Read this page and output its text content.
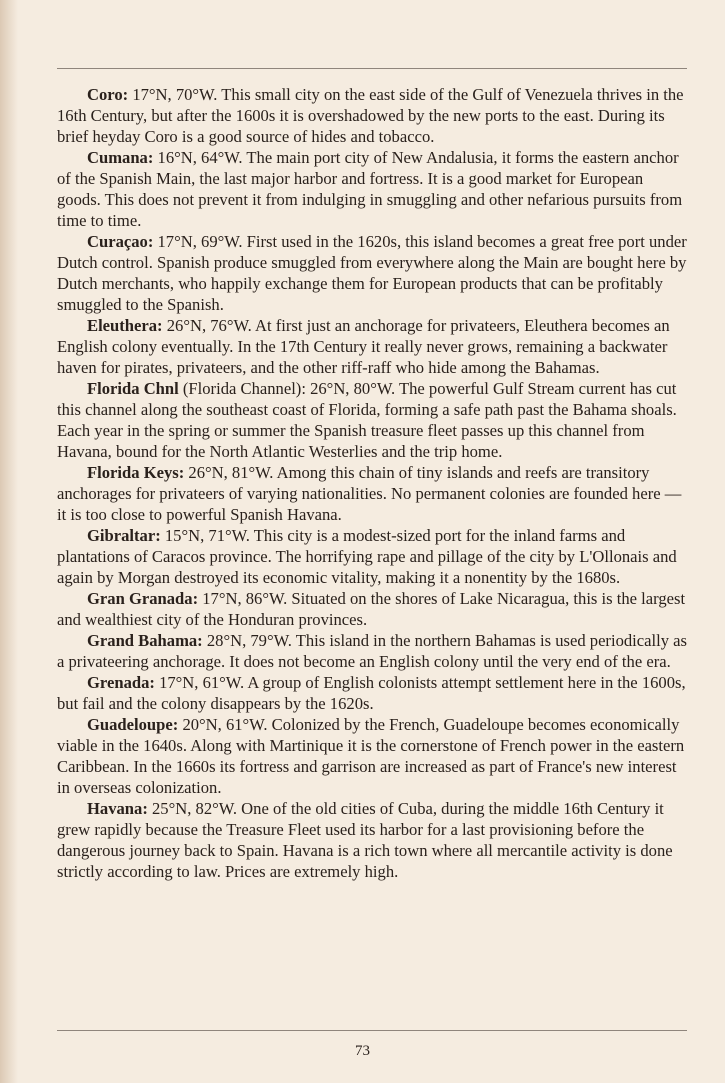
Coro: 17°N, 70°W. This small city on the east side of the Gulf of Venezuela thrives in the 16th Century, but after the 1600s it is overshadowed by the new ports to the east. During its brief heyday Coro is a good source of hides and tobacco.

Cumana: 16°N, 64°W. The main port city of New Andalusia, it forms the eastern anchor of the Spanish Main, the last major harbor and fortress. It is a good market for European goods. This does not prevent it from indulging in smuggling and other nefarious pursuits from time to time.

Curaçao: 17°N, 69°W. First used in the 1620s, this island becomes a great free port under Dutch control. Spanish produce smuggled from everywhere along the Main are bought here by Dutch merchants, who happily exchange them for European products that can be profitably smuggled to the Spanish.

Eleuthera: 26°N, 76°W. At first just an anchorage for privateers, Eleuthera becomes an English colony eventually. In the 17th Century it really never grows, remaining a backwater haven for pirates, privateers, and the other riff-raff who hide among the Bahamas.

Florida Chnl (Florida Channel): 26°N, 80°W. The powerful Gulf Stream current has cut this channel along the southeast coast of Florida, forming a safe path past the Bahama shoals. Each year in the spring or summer the Spanish treasure fleet passes up this channel from Havana, bound for the North Atlantic Westerlies and the trip home.

Florida Keys: 26°N, 81°W. Among this chain of tiny islands and reefs are transitory anchorages for privateers of varying nationalities. No permanent colonies are founded here — it is too close to powerful Spanish Havana.

Gibraltar: 15°N, 71°W. This city is a modest-sized port for the inland farms and plantations of Caracos province. The horrifying rape and pillage of the city by L'Ollonais and again by Morgan destroyed its economic vitality, making it a nonentity by the 1680s.

Gran Granada: 17°N, 86°W. Situated on the shores of Lake Nicaragua, this is the largest and wealthiest city of the Honduran provinces.

Grand Bahama: 28°N, 79°W. This island in the northern Bahamas is used periodically as a privateering anchorage. It does not become an English colony until the very end of the era.

Grenada: 17°N, 61°W. A group of English colonists attempt settlement here in the 1600s, but fail and the colony disappears by the 1620s.

Guadeloupe: 20°N, 61°W. Colonized by the French, Guadeloupe becomes economically viable in the 1640s. Along with Martinique it is the cornerstone of French power in the eastern Caribbean. In the 1660s its fortress and garrison are increased as part of France's new interest in overseas colonization.

Havana: 25°N, 82°W. One of the old cities of Cuba, during the middle 16th Century it grew rapidly because the Treasure Fleet used its harbor for a last provisioning before the dangerous journey back to Spain. Havana is a rich town where all mercantile activity is done strictly according to law. Prices are extremely high.

73
